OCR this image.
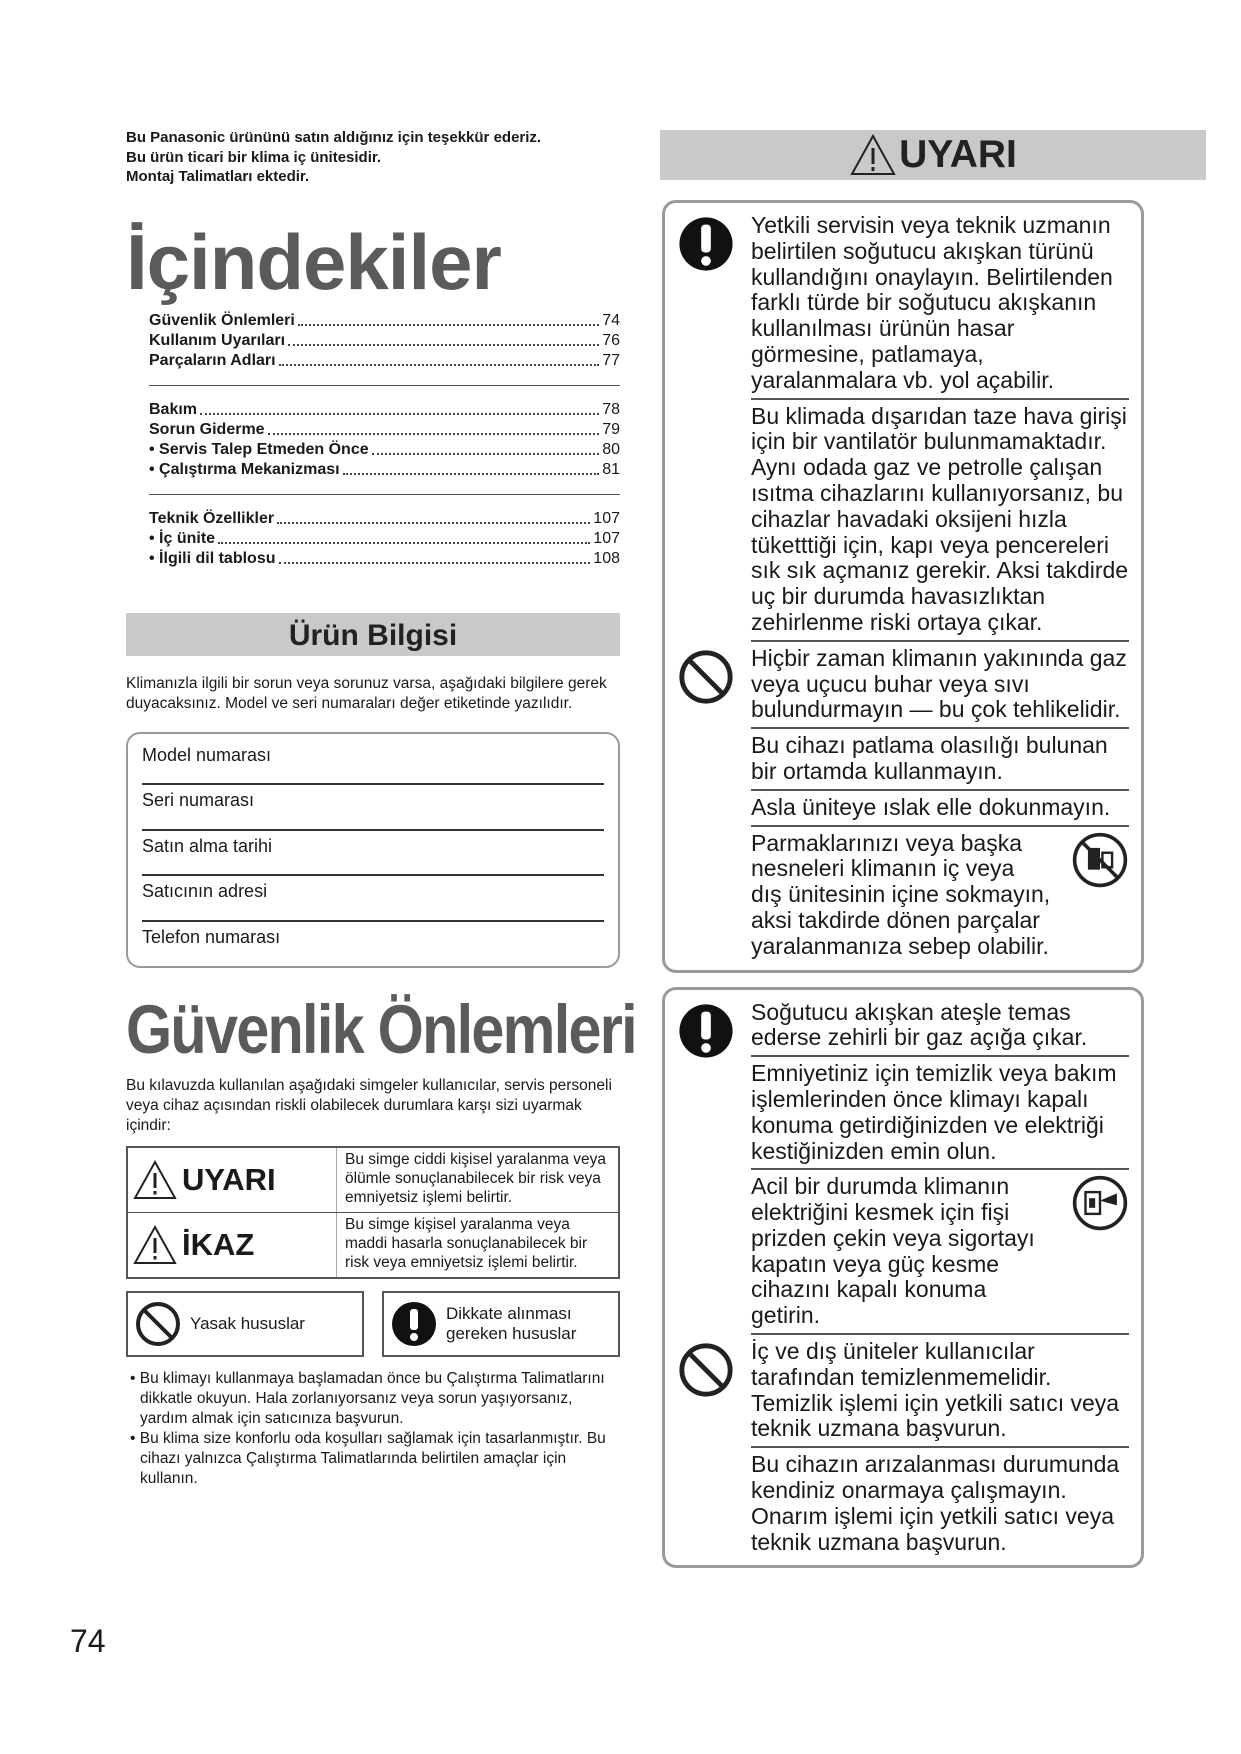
Bu Panasonic ürününü satın aldığınız için teşekkür ederiz.
Bu ürün ticari bir klima iç ünitesidir.
Montaj Talimatları ektedir.
İçindekiler
Güvenlik Önlemleri	74
Kullanım Uyarıları	76
Parçaların Adları	77
Bakım	78
Sorun Giderme	79
• Servis Talep Etmeden Önce	80
• Çalıştırma Mekanizması	81
Teknik Özellikler	107
• İç ünite	107
• İlgili dil tablosu	108
Ürün Bilgisi
Klimanızla ilgili bir sorun veya sorunuz varsa, aşağıdaki bilgilere gerek duyacaksınız. Model ve seri numaraları değer etiketinde yazılıdır.
Model numarası
Seri numarası
Satın alma tarihi
Satıcının adresi
Telefon numarası
Güvenlik Önlemleri
Bu kılavuzda kullanılan aşağıdaki simgeler kullanıcılar, servis personeli veya cihaz açısından riskli olabilecek durumlara karşı sizi uyarmak içindir:
UYARI
Bu simge ciddi kişisel yaralanma veya ölümle sonuçlanabilecek bir risk veya emniyetsiz işlemi belirtir.
İKAZ
Bu simge kişisel yaralanma veya maddi hasarla sonuçlanabilecek bir risk veya emniyetsiz işlemi belirtir.
Yasak hususlar
Dikkate alınması gereken hususlar
• Bu klimayı kullanmaya başlamadan önce bu Çalıştırma Talimatlarını dikkatle okuyun. Hala zorlanıyorsanız veya sorun yaşıyorsanız, yardım almak için satıcınıza başvurun.
• Bu klima size konforlu oda koşulları sağlamak için tasarlanmıştır. Bu cihazı yalnızca Çalıştırma Talimatlarında belirtilen amaçlar için kullanın.
74
UYARI
Yetkili servisin veya teknik uzmanın belirtilen soğutucu akışkan türünü kullandığını onaylayın. Belirtilenden farklı türde bir soğutucu akışkanın kullanılması ürünün hasar görmesine, patlamaya, yaralanmalara vb. yol açabilir.
Bu klimada dışarıdan taze hava girişi için bir vantilatör bulunmamaktadır. Aynı odada gaz ve petrolle çalışan ısıtma cihazlarını kullanıyorsanız, bu cihazlar havadaki oksijeni hızla tüketttiği için, kapı veya pencereleri sık sık açmanız gerekir. Aksi takdirde uç bir durumda havasızlıktan zehirlenme riski ortaya çıkar.
Hiçbir zaman klimanın yakınında gaz veya uçucu buhar veya sıvı bulundurmayın — bu çok tehlikelidir.
Bu cihazı patlama olasılığı bulunan bir ortamda kullanmayın.
Asla üniteye ıslak elle dokunmayın.
Parmaklarınızı veya başka nesneleri klimanın iç veya dış ünitesinin içine sokmayın, aksi takdirde dönen parçalar yaralanmanıza sebep olabilir.
Soğutucu akışkan ateşle temas ederse zehirli bir gaz açığa çıkar.
Emniyetiniz için temizlik veya bakım işlemlerinden önce klimayı kapalı konuma getirdiğinizden ve elektriği kestiğinizden emin olun.
Acil bir durumda klimanın elektriğini kesmek için fişi prizden çekin veya sigortayı kapatın veya güç kesme cihazını kapalı konuma getirin.
İç ve dış üniteler kullanıcılar tarafından temizlenmemelidir. Temizlik işlemi için yetkili satıcı veya teknik uzmana başvurun.
Bu cihazın arızalanması durumunda kendiniz onarmaya çalışmayın. Onarım işlemi için yetkili satıcı veya teknik uzmana başvurun.
